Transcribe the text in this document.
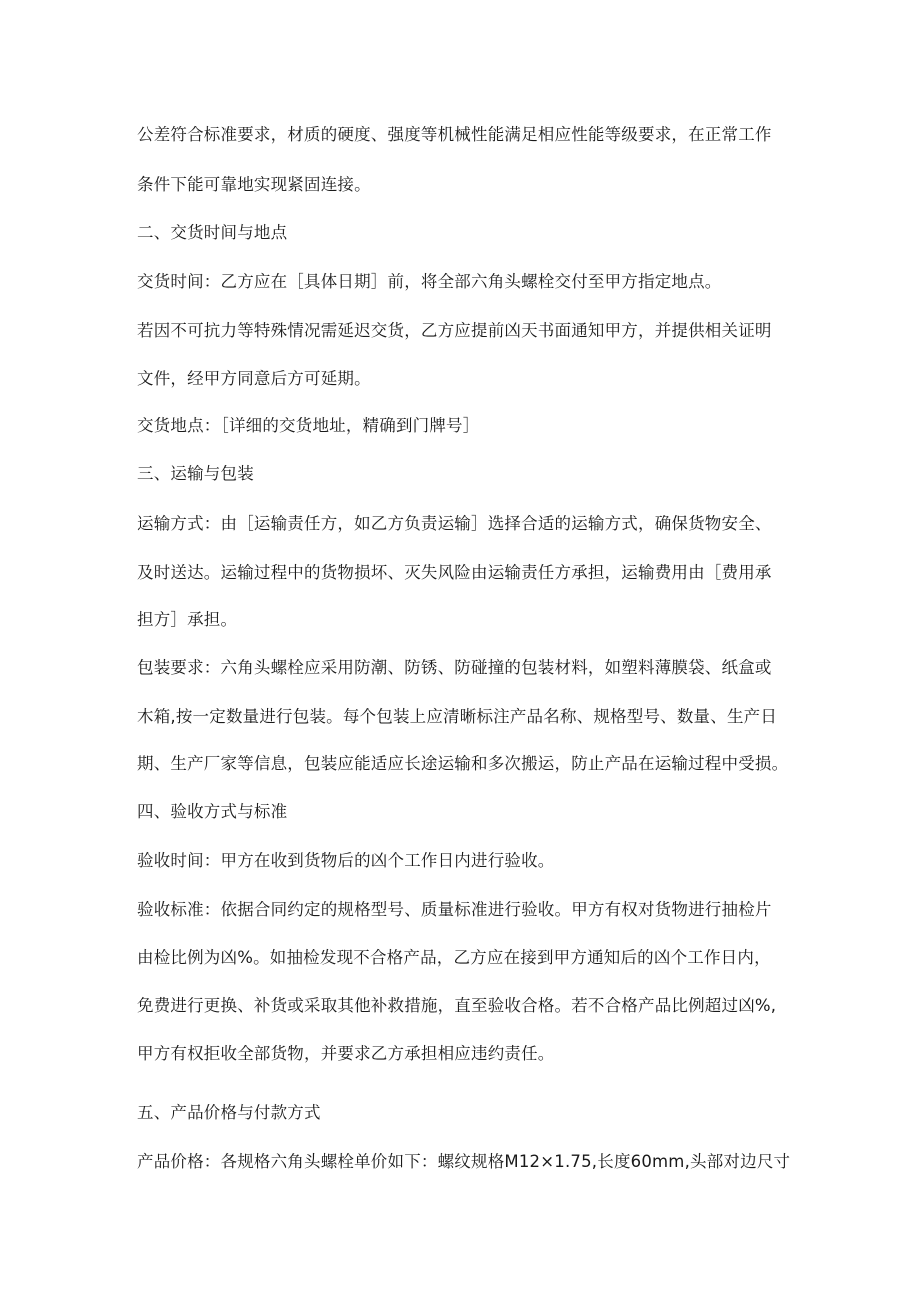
公差符合标准要求，材质的硬度、强度等机械性能满足相应性能等级要求，在正常工作
条件下能可靠地实现紧固连接。
二、交货时间与地点
交货时间：乙方应在［具体日期］前，将全部六角头螺栓交付至甲方指定地点。
若因不可抗力等特殊情况需延迟交货，乙方应提前凶天书面通知甲方，并提供相关证明
文件，经甲方同意后方可延期。
交货地点：［详细的交货地址，精确到门牌号］
三、运输与包装
运输方式：由［运输责任方，如乙方负责运输］选择合适的运输方式，确保货物安全、
及时送达。运输过程中的货物损坏、灭失风险由运输责任方承担，运输费用由［费用承
担方］承担。
包装要求：六角头螺栓应采用防潮、防锈、防碰撞的包装材料，如塑料薄膜袋、纸盒或
木箱,按一定数量进行包装。每个包装上应清晰标注产品名称、规格型号、数量、生产日
期、生产厂家等信息，包装应能适应长途运输和多次搬运，防止产品在运输过程中受损。
四、验收方式与标准
验收时间：甲方在收到货物后的凶个工作日内进行验收。
验收标准：依据合同约定的规格型号、质量标准进行验收。甲方有权对货物进行抽检片
由检比例为凶%。如抽检发现不合格产品，乙方应在接到甲方通知后的凶个工作日内，
免费进行更换、补货或采取其他补救措施，直至验收合格。若不合格产品比例超过凶%,
甲方有权拒收全部货物，并要求乙方承担相应违约责任。
五、产品价格与付款方式
产品价格：各规格六角头螺栓单价如下：螺纹规格M12×1.75,长度60mm,头部对边尺寸
